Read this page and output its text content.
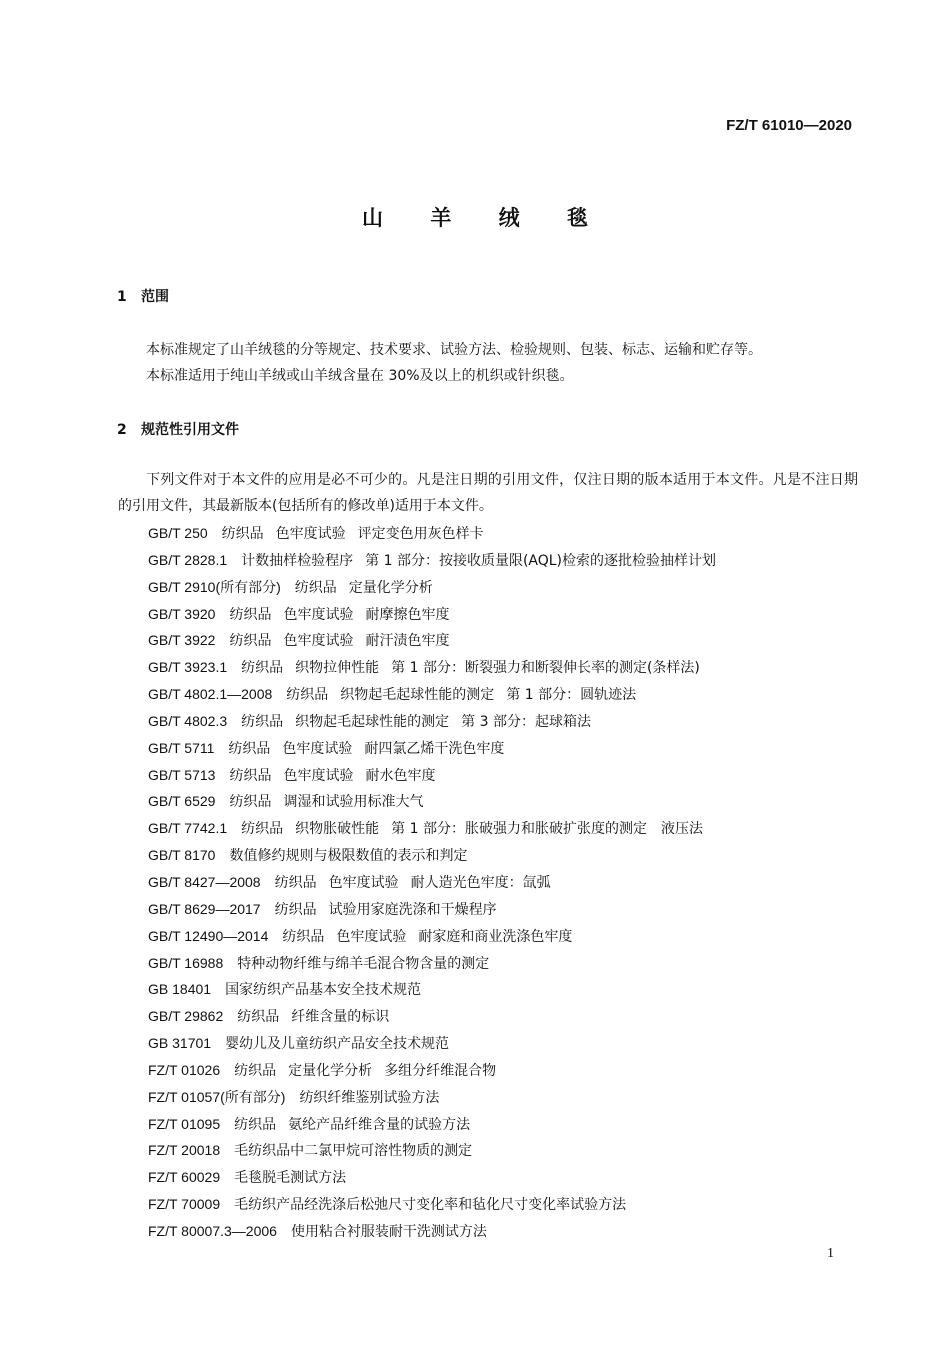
FZ/T 61010—2020
山 羊 绒 毯
1 范围

本标准规定了山羊绒毯的分等规定、技术要求、试验方法、检验规则、包装、标志、运输和贮存等。

本标准适用于纯山羊绒或山羊绒含量在 30%及以上的机织或针织毯。

2 规范性引用文件

下列文件对于本文件的应用是必不可少的。凡是注日期的引用文件，仅注日期的版本适用于本文件。凡是不注日期的引用文件，其最新版本(包括所有的修改单)适用于本文件。

GB/T 250 纺织品 色牢度试验 评定变色用灰色样卡
GB/T 2828.1 计数抽样检验程序 第 1 部分：按接收质量限(AQL)检索的逐批检验抽样计划
GB/T 2910(所有部分) 纺织品 定量化学分析
GB/T 3920 纺织品 色牢度试验 耐摩擦色牢度
GB/T 3922 纺织品 色牢度试验 耐汗渍色牢度
GB/T 3923.1 纺织品 织物拉伸性能 第 1 部分：断裂强力和断裂伸长率的测定(条样法)
GB/T 4802.1—2008 纺织品 织物起毛起球性能的测定 第 1 部分：圆轨迹法
GB/T 4802.3 纺织品 织物起毛起球性能的测定 第 3 部分：起球箱法
GB/T 5711 纺织品 色牢度试验 耐四氯乙烯干洗色牢度
GB/T 5713 纺织品 色牢度试验 耐水色牢度
GB/T 6529 纺织品 调湿和试验用标准大气
GB/T 7742.1 纺织品 织物胀破性能 第 1 部分：胀破强力和胀破扩张度的测定　液压法
GB/T 8170 数值修约规则与极限数值的表示和判定
GB/T 8427—2008 纺织品 色牢度试验 耐人造光色牢度：氙弧
GB/T 8629—2017 纺织品 试验用家庭洗涤和干燥程序
GB/T 12490—2014 纺织品 色牢度试验 耐家庭和商业洗涤色牢度
GB/T 16988 特种动物纤维与绵羊毛混合物含量的测定
GB 18401 国家纺织产品基本安全技术规范
GB/T 29862 纺织品 纤维含量的标识
GB 31701 婴幼儿及儿童纺织产品安全技术规范
FZ/T 01026 纺织品 定量化学分析 多组分纤维混合物
FZ/T 01057(所有部分) 纺织纤维鉴别试验方法
FZ/T 01095 纺织品 氨纶产品纤维含量的试验方法
FZ/T 20018 毛纺织品中二氯甲烷可溶性物质的测定
FZ/T 60029 毛毯脱毛测试方法
FZ/T 70009 毛纺织产品经洗涤后松弛尺寸变化率和毡化尺寸变化率试验方法
FZ/T 80007.3—2006 使用粘合衬服装耐干洗测试方法
1
